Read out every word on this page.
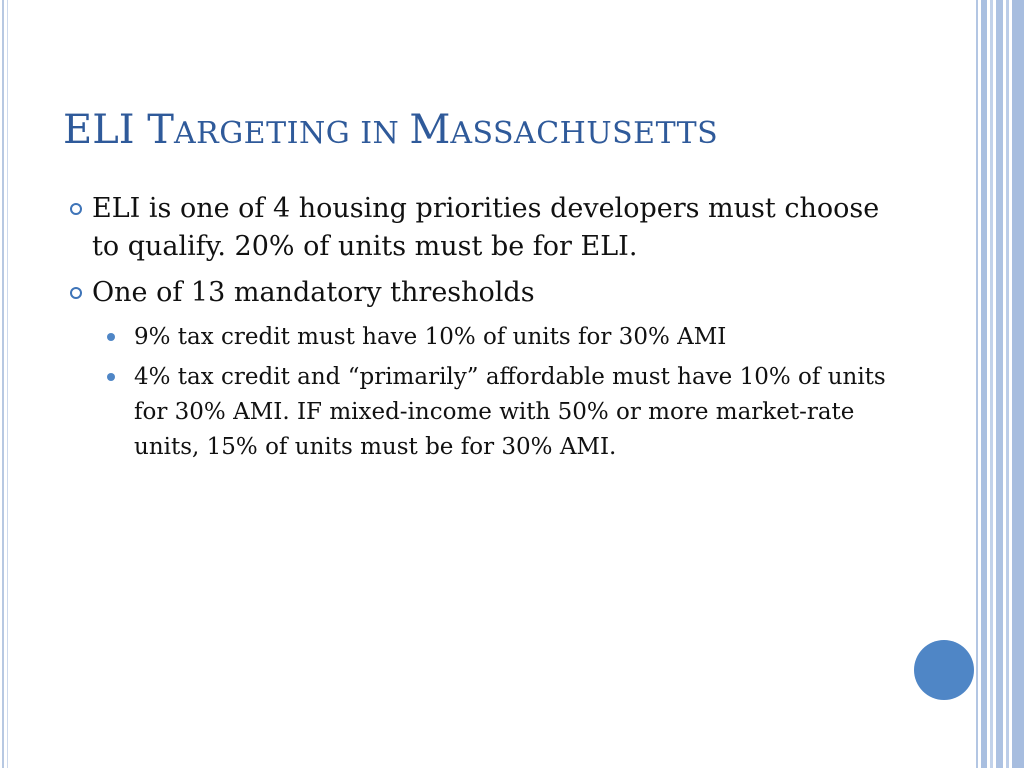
ELI TARGETING IN MASSACHUSETTS
ELI is one of 4 housing priorities developers must choose to qualify. 20% of units must be for ELI.
One of 13 mandatory thresholds
9% tax credit must have 10% of units for 30% AMI
4% tax credit and “primarily” affordable must have 10% of units for 30% AMI. IF mixed-income with 50% or more market-rate units, 15% of units must be for 30% AMI.
